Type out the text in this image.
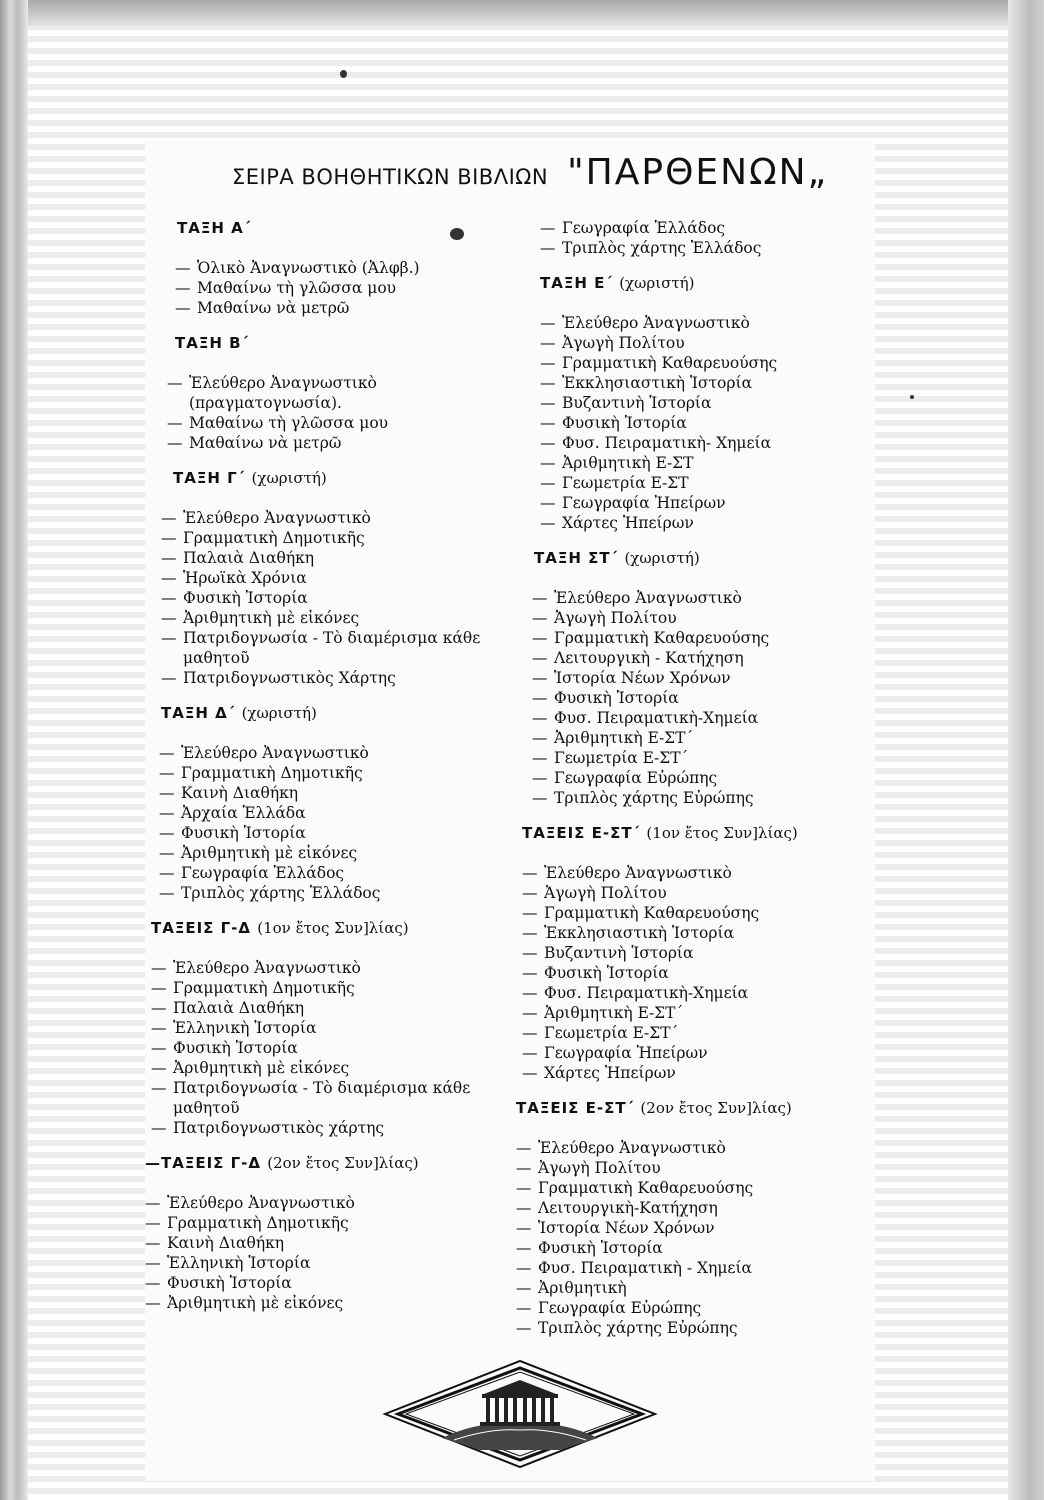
ΣΕΙΡΑ ΒΟΗΘΗΤΙΚΩΝ ΒΙΒΛΙΩΝ "ΠΑΡΘΕΝΩΝ„
ΤΑΞΗ Α΄
— Ὁλικὸ Ἀναγνωστικὸ (Ἀλφβ.)
— Μαθαίνω τὴ γλῶσσα μου
— Μαθαίνω νὰ μετρῶ
ΤΑΞΗ Β΄
— Ἐλεύθερο Ἀναγνωστικὸ (πραγματογνωσία).
— Μαθαίνω τὴ γλῶσσα μου
— Μαθαίνω νὰ μετρῶ
ΤΑΞΗ Γ΄ (χωριστή)
— Ἐλεύθερο Ἀναγνωστικὸ
— Γραμματικὴ Δημοτικῆς
— Παλαιὰ Διαθήκη
— Ἡρωϊκὰ Χρόνια
— Φυσικὴ Ἱστορία
— Ἀριθμητικὴ μὲ εἰκόνες
— Πατριδογνωσία - Τὸ διαμέρισμα κάθε μαθητοῦ
— Πατριδογνωστικὸς Χάρτης
ΤΑΞΗ Δ΄ (χωριστή)
— Ἐλεύθερο Ἀναγνωστικὸ
— Γραμματικὴ Δημοτικῆς
— Καινὴ Διαθήκη
— Ἀρχαία Ἑλλάδα
— Φυσικὴ Ἱστορία
— Ἀριθμητικὴ μὲ εἰκόνες
— Γεωγραφία Ἑλλάδος
— Τριπλὸς χάρτης Ἑλλάδος
ΤΑΞΕΙΣ Γ-Δ (1ον ἔτος Συν]λίας)
— Ἐλεύθερο Ἀναγνωστικὸ
— Γραμματικὴ Δημοτικῆς
— Παλαιὰ Διαθήκη
— Ἑλληνικὴ Ἱστορία
— Φυσικὴ Ἱστορία
— Ἀριθμητικὴ μὲ εἰκόνες
— Πατριδογνωσία - Τὸ διαμέρισμα κάθε μαθητοῦ
— Πατριδογνωστικὸς χάρτης
—ΤΑΞΕΙΣ Γ-Δ (2ον ἔτος Συν]λίας)
— Ἐλεύθερο Ἀναγνωστικὸ
— Γραμματικὴ Δημοτικῆς
— Καινὴ Διαθήκη
— Ἑλληνικὴ Ἱστορία
— Φυσικὴ Ἱστορία
— Ἀριθμητικὴ μὲ εἰκόνες
— Γεωγραφία Ἑλλάδος
— Τριπλὸς χάρτης Ἑλλάδος
ΤΑΞΗ Ε΄ (χωριστή)
— Ἐλεύθερο Ἀναγνωστικὸ
— Ἀγωγὴ Πολίτου
— Γραμματικὴ Καθαρευούσης
— Ἐκκλησιαστικὴ Ἱστορία
— Βυζαντινὴ Ἱστορία
— Φυσικὴ Ἱστορία
— Φυσ. Πειραματικὴ- Χημεία
— Ἀριθμητικὴ Ε-ΣΤ
— Γεωμετρία Ε-ΣΤ
— Γεωγραφία Ἠπείρων
— Χάρτες Ἠπείρων
ΤΑΞΗ ΣΤ΄ (χωριστή)
— Ἐλεύθερο Ἀναγνωστικὸ
— Ἀγωγὴ Πολίτου
— Γραμματικὴ Καθαρευούσης
— Λειτουργικὴ - Κατήχηση
— Ἱστορία Νέων Χρόνων
— Φυσικὴ Ἱστορία
— Φυσ. Πειραματικὴ-Χημεία
— Ἀριθμητικὴ Ε-ΣΤ΄
— Γεωμετρία Ε-ΣΤ΄
— Γεωγραφία Εὐρώπης
— Τριπλὸς χάρτης Εὐρώπης
ΤΑΞΕΙΣ Ε-ΣΤ΄ (1ον ἔτος Συν]λίας)
— Ἐλεύθερο Ἀναγνωστικὸ
— Ἀγωγὴ Πολίτου
— Γραμματικὴ Καθαρευούσης
— Ἐκκλησιαστικὴ Ἱστορία
— Βυζαντινὴ Ἱστορία
— Φυσικὴ Ἱστορία
— Φυσ. Πειραματικὴ-Χημεία
— Ἀριθμητικὴ Ε-ΣΤ΄
— Γεωμετρία Ε-ΣΤ΄
— Γεωγραφία Ἠπείρων
— Χάρτες Ἠπείρων
ΤΑΞΕΙΣ Ε-ΣΤ΄ (2ον ἔτος Συν]λίας)
— Ἐλεύθερο Ἀναγνωστικὸ
— Ἀγωγὴ Πολίτου
— Γραμματικὴ Καθαρευούσης
— Λειτουργικὴ-Κατήχηση
— Ἱστορία Νέων Χρόνων
— Φυσικὴ Ἱστορία
— Φυσ. Πειραματικὴ - Χημεία
— Ἀριθμητικὴ
— Γεωγραφία Εὐρώπης
— Τριπλὸς χάρτης Εὐρώπης
